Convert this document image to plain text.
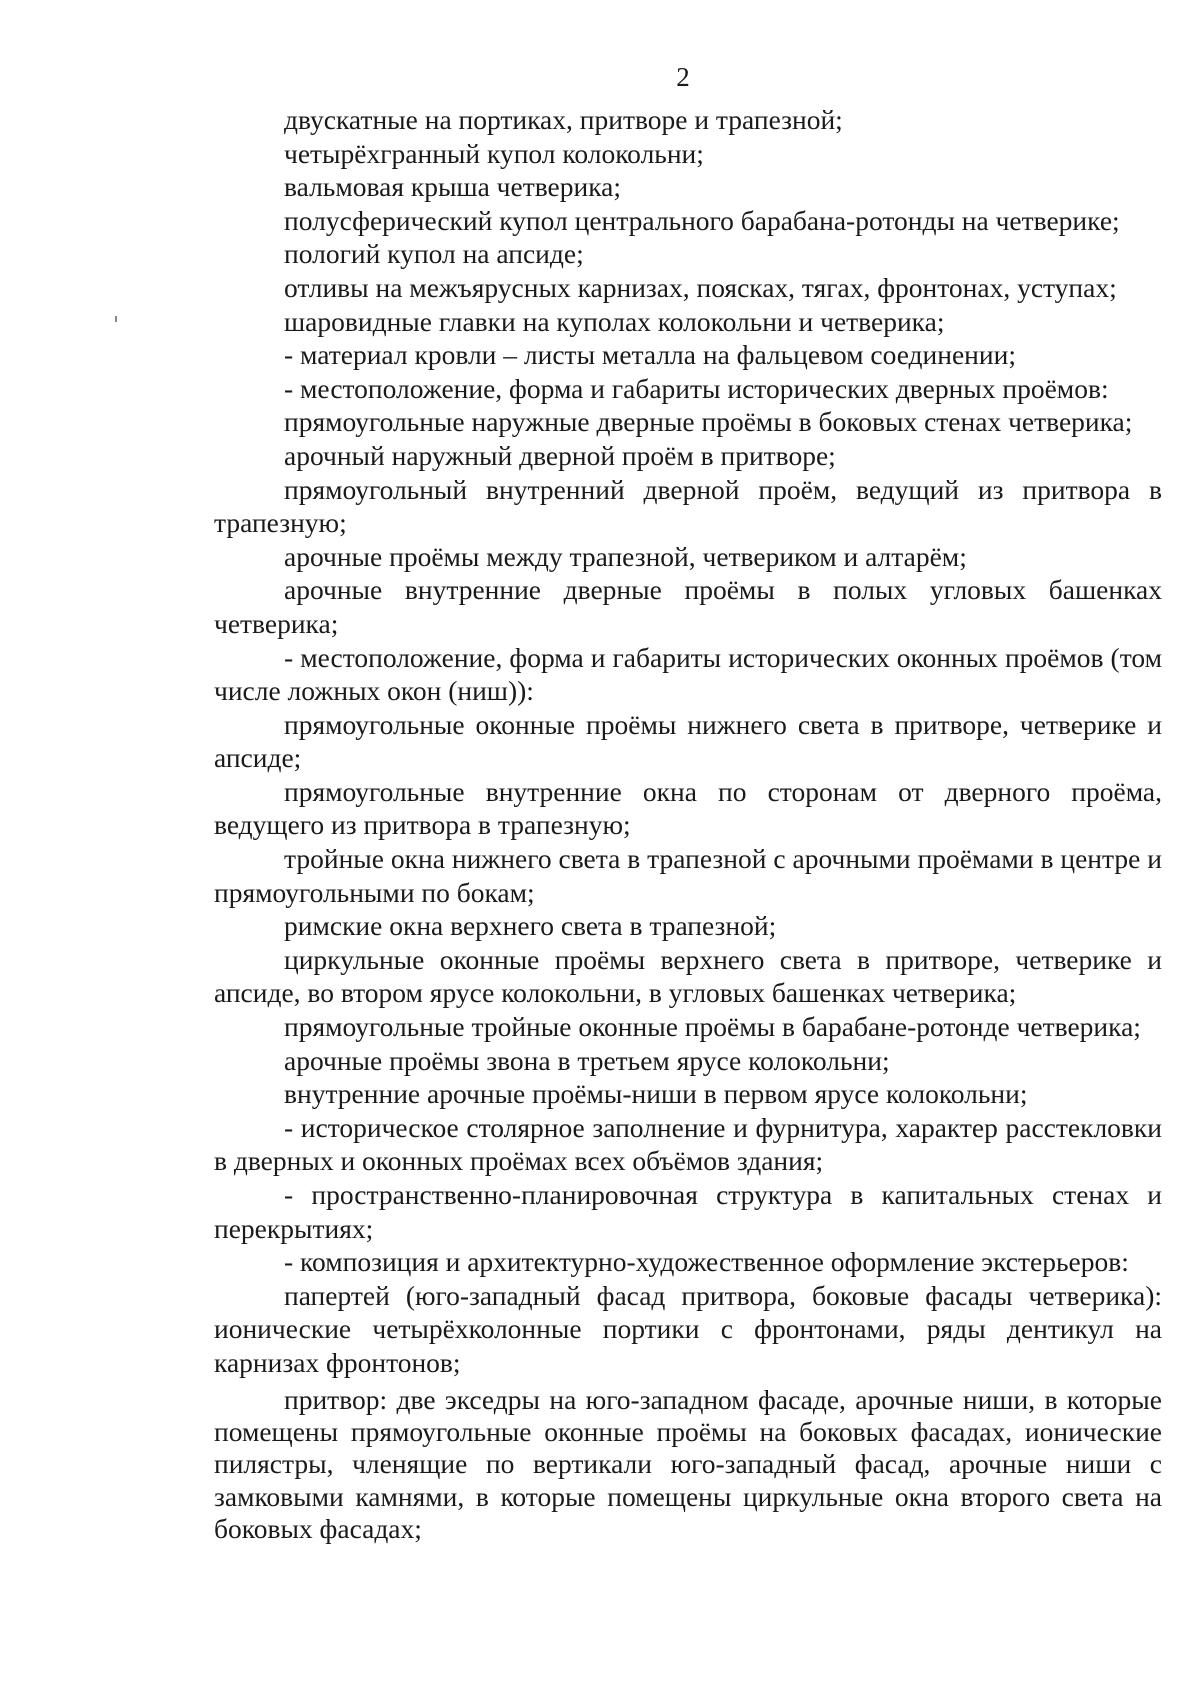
2

двускатные на портиках, притворе и трапезной;

четырёхгранный купол колокольни;

вальмовая крыша четверика;

полусферический купол центрального барабана-ротонды на четверике;

пологий купол на апсиде;

отливы на межъярусных карнизах, поясках, тягах, фронтонах, уступах;

шаровидные главки на куполах колокольни и четверика;

- материал кровли – листы металла на фальцевом соединении;

- местоположение, форма и габариты исторических дверных проёмов:

прямоугольные наружные дверные проёмы в боковых стенах четверика;

арочный наружный дверной проём в притворе;

прямоугольный внутренний дверной проём, ведущий из притвора в трапезную;

арочные проёмы между трапезной, четвериком и алтарём;

арочные внутренние дверные проёмы в полых угловых башенках четверика;

- местоположение, форма и габариты исторических оконных проёмов (том числе ложных окон (ниш)):

прямоугольные оконные проёмы нижнего света в притворе, четверике и апсиде;

прямоугольные внутренние окна по сторонам от дверного проёма, ведущего из притвора в трапезную;

тройные окна нижнего света в трапезной с арочными проёмами в центре и прямоугольными по бокам;

римские окна верхнего света в трапезной;

циркульные оконные проёмы верхнего света в притворе, четверике и апсиде, во втором ярусе колокольни, в угловых башенках четверика;

прямоугольные тройные оконные проёмы в барабане-ротонде четверика;

арочные проёмы звона в третьем ярусе колокольни;

внутренние арочные проёмы-ниши в первом ярусе колокольни;

- историческое столярное заполнение и фурнитура, характер расстекловки в дверных и оконных проёмах всех объёмов здания;

- пространственно-планировочная структура в капитальных стенах и перекрытиях;

- композиция и архитектурно-художественное оформление экстерьеров:

папертей (юго-западный фасад притвора, боковые фасады четверика): ионические четырёхколонные портики с фронтонами, ряды дентикул на карнизах фронтонов;

притвор: две экседры на юго-западном фасаде, арочные ниши, в которые помещены прямоугольные оконные проёмы на боковых фасадах, ионические пилястры, членящие по вертикали юго-западный фасад, арочные ниши с замковыми камнями, в которые помещены циркульные окна второго света на боковых фасадах;
